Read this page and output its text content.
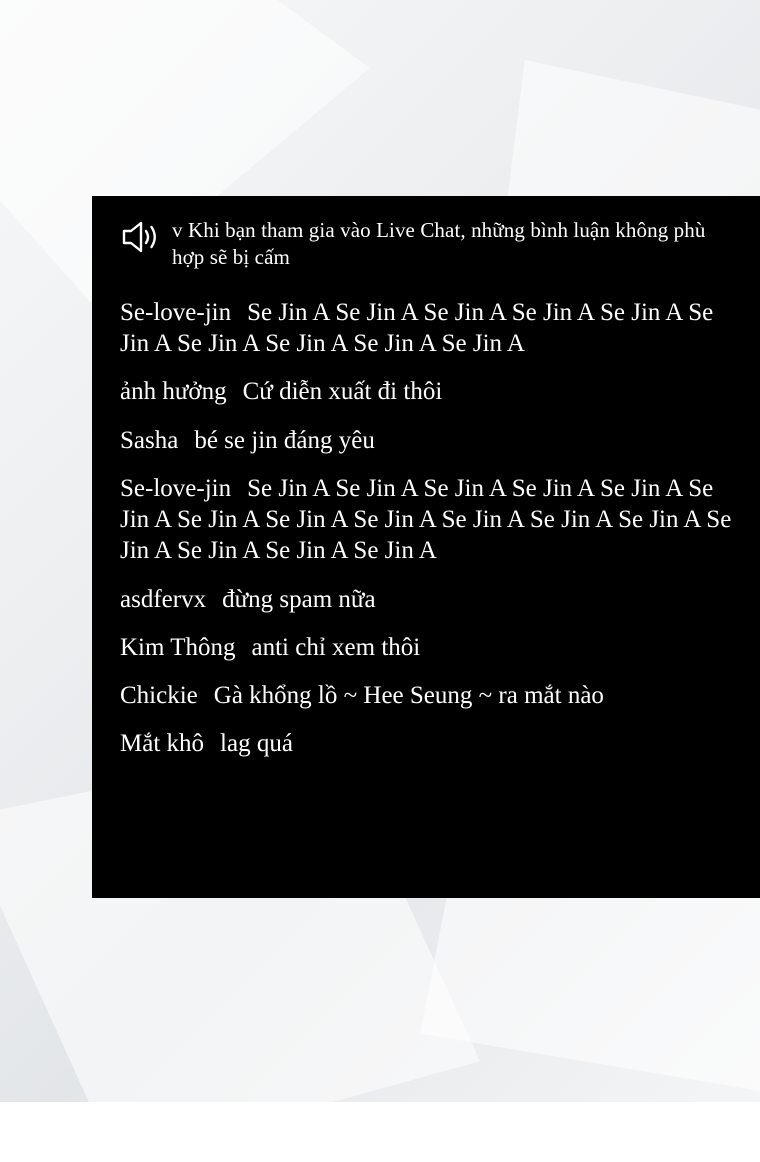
v Khi bạn tham gia vào Live Chat, những bình luận không phù hợp sẽ bị cấm
Se-love-jin Se Jin A Se Jin A Se Jin A Se Jin A Se Jin A Se Jin A Se Jin A Se Jin A Se Jin A Se Jin A
ảnh hưởng Cứ diễn xuất đi thôi
Sasha bé se jin đáng yêu
Se-love-jin Se Jin A Se Jin A Se Jin A Se Jin A Se Jin A Se Jin A Se Jin A Se Jin A Se Jin A Se Jin A Se Jin A Se Jin A Se Jin A Se Jin A Se Jin A Se Jin A
asdfervx đừng spam nữa
Kim Thông anti chỉ xem thôi
Chickie Gà khổng lồ ~ Hee Seung ~ ra mắt nào
Mắt khô lag quá
